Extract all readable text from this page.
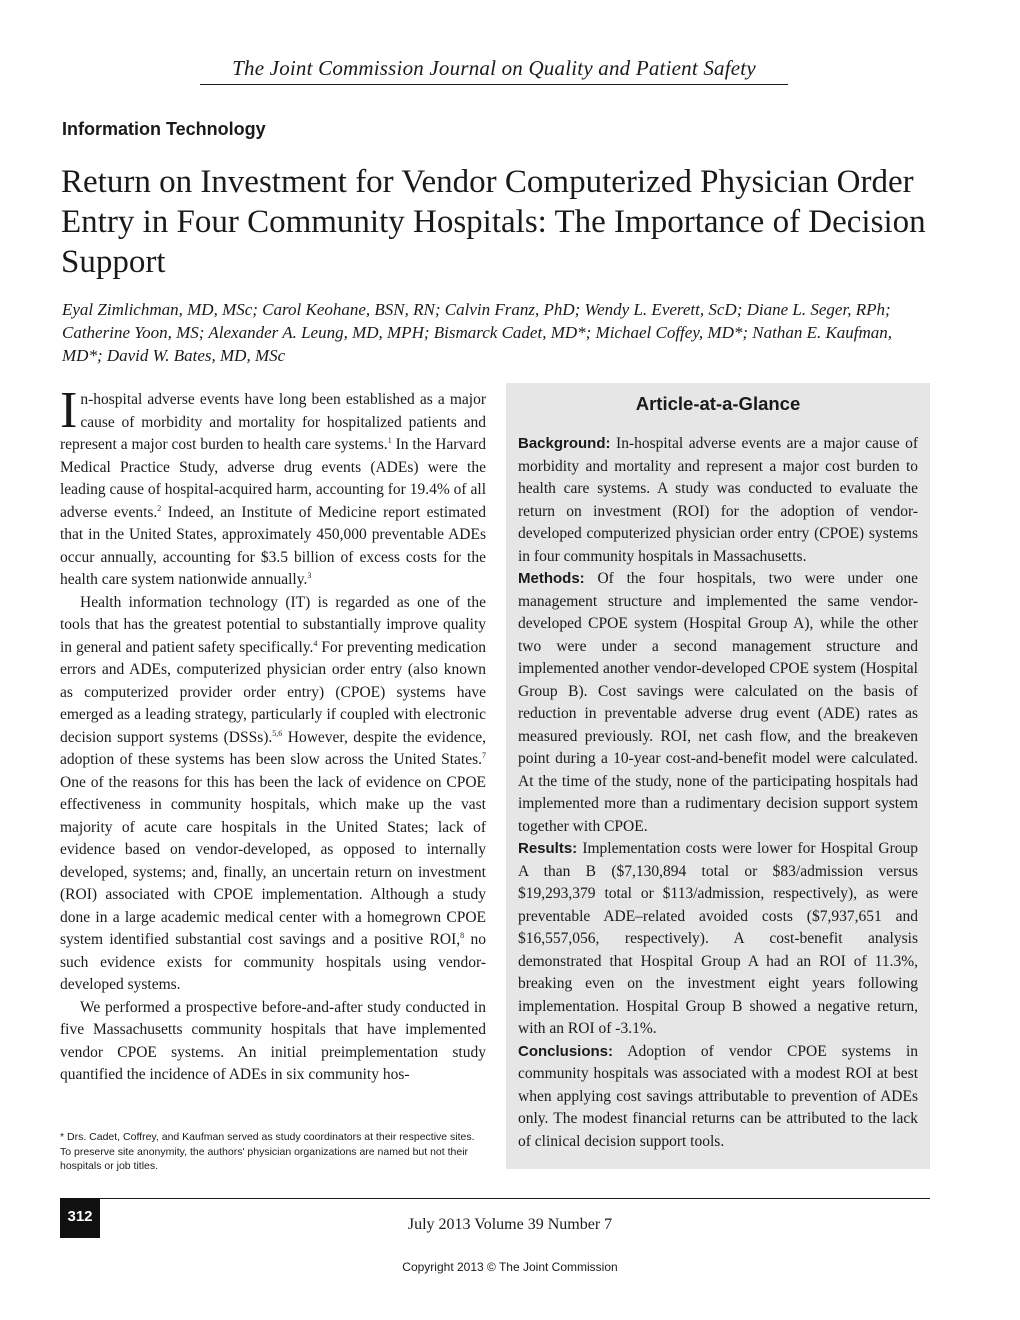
The Joint Commission Journal on Quality and Patient Safety
Information Technology
Return on Investment for Vendor Computerized Physician Order Entry in Four Community Hospitals: The Importance of Decision Support
Eyal Zimlichman, MD, MSc; Carol Keohane, BSN, RN; Calvin Franz, PhD; Wendy L. Everett, ScD; Diane L. Seger, RPh; Catherine Yoon, MS; Alexander A. Leung, MD, MPH; Bismarck Cadet, MD*; Michael Coffey, MD*; Nathan E. Kaufman, MD*; David W. Bates, MD, MSc

In-hospital adverse events have long been established as a major cause of morbidity and mortality for hospitalized patients and represent a major cost burden to health care systems.$^1$ In the Harvard Medical Practice Study, adverse drug events (ADEs) were the leading cause of hospital-acquired harm, accounting for 19.4% of all adverse events.$^2$ Indeed, an Institute of Medicine report estimated that in the United States, approximately 450,000 preventable ADEs occur annually, accounting for $3.5 billion of excess costs for the health care system nationwide annually.$^3$

Health information technology (IT) is regarded as one of the tools that has the greatest potential to substantially improve quality in general and patient safety specifically.$^4$ For preventing medication errors and ADEs, computerized physician order entry (also known as computerized provider order entry) (CPOE) systems have emerged as a leading strategy, particularly if coupled with electronic decision support systems (DSSs).$^{5,6}$ However, despite the evidence, adoption of these systems has been slow across the United States.$^7$ One of the reasons for this has been the lack of evidence on CPOE effectiveness in community hospitals, which make up the vast majority of acute care hospitals in the United States; lack of evidence based on vendor-developed, as opposed to internally developed, systems; and, finally, an uncertain return on investment (ROI) associated with CPOE implementation. Although a study done in a large academic medical center with a homegrown CPOE system identified substantial cost savings and a positive ROI,$^8$ no such evidence exists for community hospitals using vendor-developed systems.

We performed a prospective before-and-after study conducted in five Massachusetts community hospitals that have implemented vendor CPOE systems. An initial preimplementation study quantified the incidence of ADEs in six community hos-

* Drs. Cadet, Coffrey, and Kaufman served as study coordinators at their respective sites. To preserve site anonymity, the authors' physician organizations are named but not their hospitals or job titles.
Article-at-a-Glance

Background: In-hospital adverse events are a major cause of morbidity and mortality and represent a major cost burden to health care systems. A study was conducted to evaluate the return on investment (ROI) for the adoption of vendor-developed computerized physician order entry (CPOE) systems in four community hospitals in Massachusetts.

Methods: Of the four hospitals, two were under one management structure and implemented the same vendor-developed CPOE system (Hospital Group A), while the other two were under a second management structure and implemented another vendor-developed CPOE system (Hospital Group B). Cost savings were calculated on the basis of reduction in preventable adverse drug event (ADE) rates as measured previously. ROI, net cash flow, and the breakeven point during a 10-year cost-and-benefit model were calculated. At the time of the study, none of the participating hospitals had implemented more than a rudimentary decision support system together with CPOE.

Results: Implementation costs were lower for Hospital Group A than B ($7,130,894 total or $83/admission versus $19,293,379 total or $113/admission, respectively), as were preventable ADE–related avoided costs ($7,937,651 and $16,557,056, respectively). A cost-benefit analysis demonstrated that Hospital Group A had an ROI of 11.3%, breaking even on the investment eight years following implementation. Hospital Group B showed a negative return, with an ROI of -3.1%.

Conclusions: Adoption of vendor CPOE systems in community hospitals was associated with a modest ROI at best when applying cost savings attributable to prevention of ADEs only. The modest financial returns can be attributed to the lack of clinical decision support tools.

312	July 2013 Volume 39 Number 7
Copyright 2013 © The Joint Commission
